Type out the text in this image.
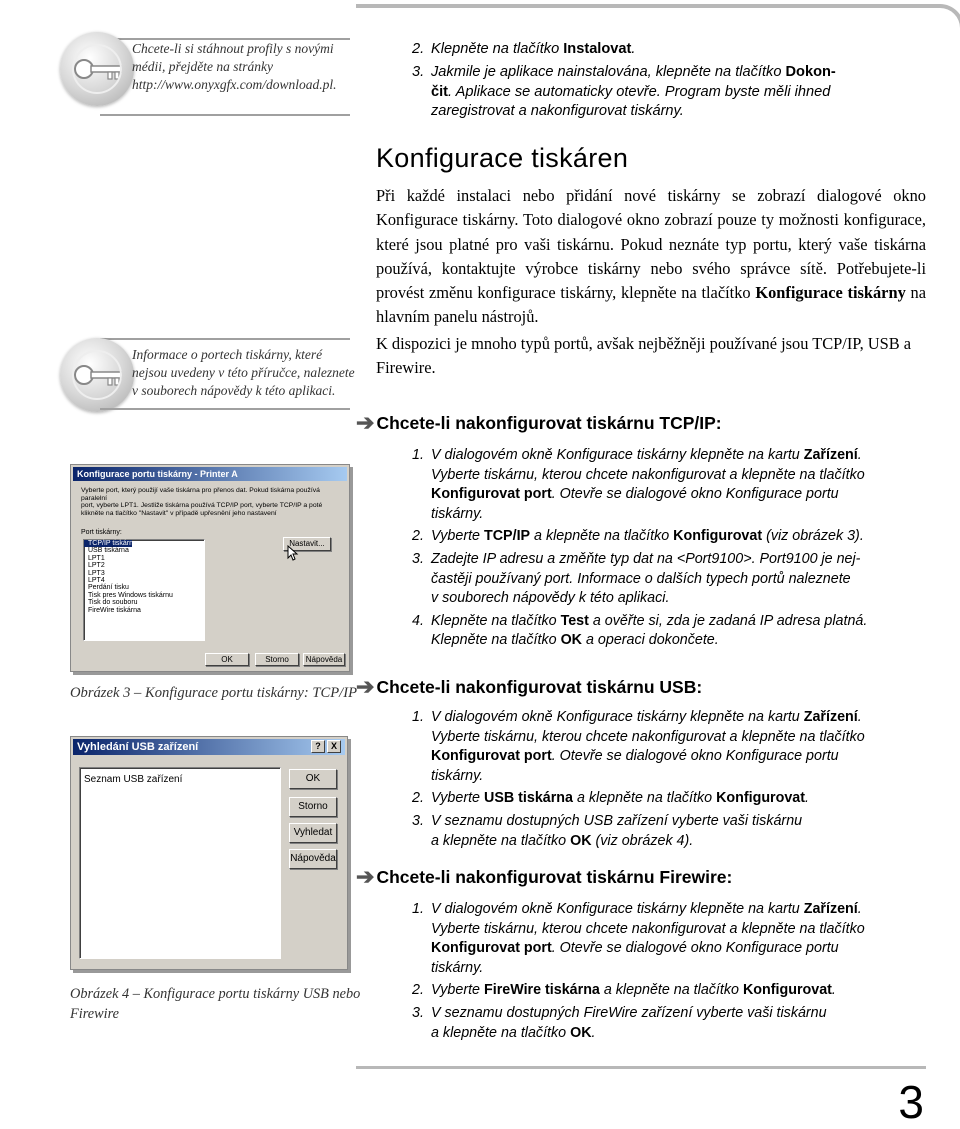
Chcete-li si stáhnout profily s novými
médii, přejděte na stránky
http://www.onyxgfx.com/download.pl.
Informace o portech tiskárny, které
nejsou uvedeny v této příručce, naleznete
v souborech nápovědy k této aplikaci.
Konfigurace portu tiskárny - Printer A
Vyberte port, který použijí vaše tiskárna pro přenos dat. Pokud tiskárna používá paralelní
port, vyberte LPT1. Jestliže tiskárna používá TCP/IP port, vyberte TCP/IP a poté
klikněte na tlačítko "Nastavit" v případě upřesnění jeho nastavení
Port tiskárny:
TCP/IP tiskárna
USB tiskárna
LPT1
LPT2
LPT3
LPT4
Perdání tisku
Tisk pres Windows tiskárnu
Tisk do souboru
FireWire tiskárna
Nastavit...
OK	Storno	Nápověda
Obrázek 3 – Konfigurace portu tiskárny: TCP/IP
Vyhledání USB zařízení	?	X
Seznam USB zařízení	OK
Storno
Vyhledat
Nápověda
Obrázek 4 – Konfigurace portu tiskárny USB nebo
Firewire
2. Klepněte na tlačítko Instalovat.
3. Jakmile je aplikace nainstalována, klepněte na tlačítko Dokon-
čit. Aplikace se automaticky otevře. Program byste měli ihned
zaregistrovat a nakonfigurovat tiskárny.
Konfigurace tiskáren

Při každé instalaci nebo přidání nové tiskárny se zobrazí dialogové okno Konfigurace tiskárny. Toto dialogové okno zobrazí pouze ty možnosti konfigurace, které jsou platné pro vaši tiskárnu. Pokud neznáte typ portu, který vaše tiskárna používá, kontaktujte výrobce tiskárny nebo svého správce sítě. Potřebujete-li provést změnu konfigurace tiskárny, klepněte na tlačítko Konfigurace tiskárny na hlavním panelu nástrojů.

K dispozici je mnoho typů portů, avšak nejběžněji používané jsou TCP/IP, USB a Firewire.

➔ Chcete-li nakonfigurovat tiskárnu TCP/IP:
1. V dialogovém okně Konfigurace tiskárny klepněte na kartu Zařízení.
Vyberte tiskárnu, kterou chcete nakonfigurovat a klepněte na tlačítko
Konfigurovat port. Otevře se dialogové okno Konfigurace portu
tiskárny.
2. Vyberte TCP/IP a klepněte na tlačítko Konfigurovat (viz obrázek 3).
3. Zadejte IP adresu a změňte typ dat na <Port9100>. Port9100 je nej-
častěji používaný port. Informace o dalších typech portů naleznete
v souborech nápovědy k této aplikaci.
4. Klepněte na tlačítko Test a ověřte si, zda je zadaná IP adresa platná.
Klepněte na tlačítko OK a operaci dokončete.
➔ Chcete-li nakonfigurovat tiskárnu USB:
1. V dialogovém okně Konfigurace tiskárny klepněte na kartu Zařízení.
Vyberte tiskárnu, kterou chcete nakonfigurovat a klepněte na tlačítko
Konfigurovat port. Otevře se dialogové okno Konfigurace portu
tiskárny.
2. Vyberte USB tiskárna a klepněte na tlačítko Konfigurovat.
3. V seznamu dostupných USB zařízení vyberte vaši tiskárnu
a klepněte na tlačítko OK (viz obrázek 4).
➔ Chcete-li nakonfigurovat tiskárnu Firewire:
1. V dialogovém okně Konfigurace tiskárny klepněte na kartu Zařízení.
Vyberte tiskárnu, kterou chcete nakonfigurovat a klepněte na tlačítko
Konfigurovat port. Otevře se dialogové okno Konfigurace portu
tiskárny.
2. Vyberte FireWire tiskárna a klepněte na tlačítko Konfigurovat.
3. V seznamu dostupných FireWire zařízení vyberte vaši tiskárnu
a klepněte na tlačítko OK.
3
